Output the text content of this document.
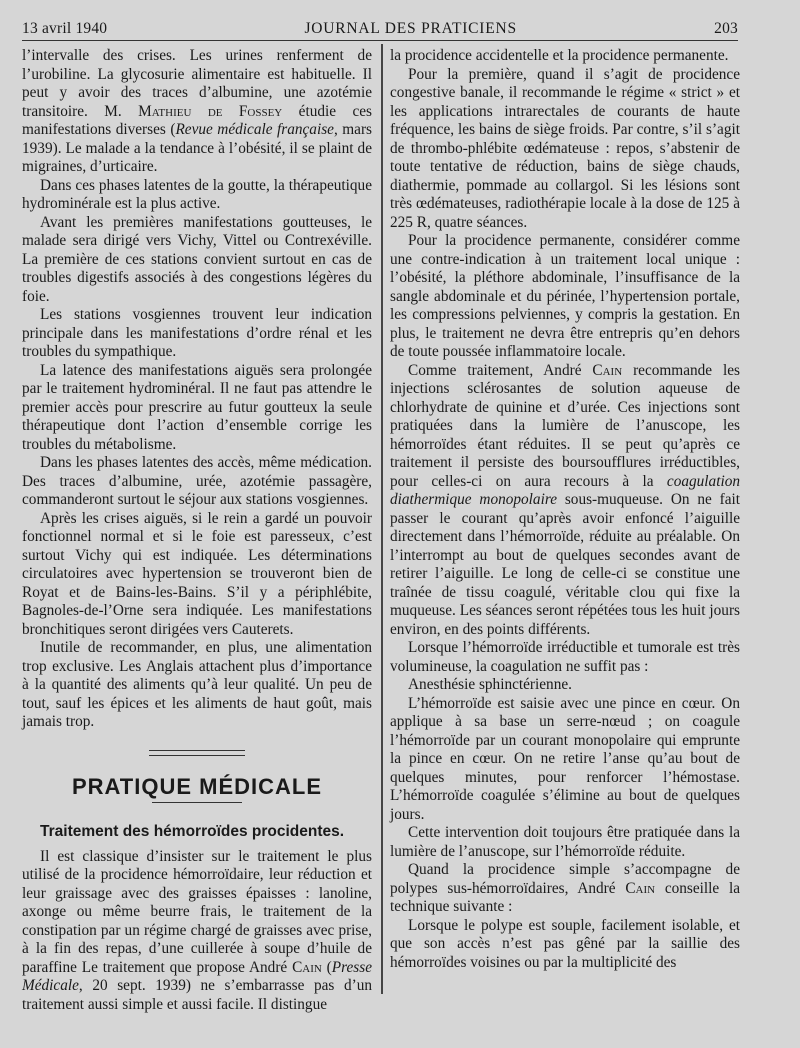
13 avril 1940	JOURNAL DES PRATICIENS	203

l’intervalle des crises. Les urines renferment de l’urobiline. La glycosurie alimentaire est habituelle. Il peut y avoir des traces d’albumine, une azotémie transitoire. M. Mathieu de Fossey étudie ces manifestations diverses (Revue médicale française, mars 1939). Le malade a la tendance à l’obésité, il se plaint de migraines, d’urticaire.

Dans ces phases latentes de la goutte, la thérapeutique hydrominérale est la plus active.

Avant les premières manifestations goutteuses, le malade sera dirigé vers Vichy, Vittel ou Contrexéville. La première de ces stations convient surtout en cas de troubles digestifs associés à des congestions légères du foie.

Les stations vosgiennes trouvent leur indication principale dans les manifestations d’ordre rénal et les troubles du sympathique.

La latence des manifestations aiguës sera prolongée par le traitement hydrominéral. Il ne faut pas attendre le premier accès pour prescrire au futur goutteux la seule thérapeutique dont l’action d’ensemble corrige les troubles du métabolisme.

Dans les phases latentes des accès, même médication. Des traces d’albumine, urée, azotémie passagère, commanderont surtout le séjour aux stations vosgiennes.

Après les crises aiguës, si le rein a gardé un pouvoir fonctionnel normal et si le foie est paresseux, c’est surtout Vichy qui est indiquée. Les déterminations circulatoires avec hypertension se trouveront bien de Royat et de Bains-les-Bains. S’il y a périphlébite, Bagnoles-de-l’Orne sera indiquée. Les manifestations bronchitiques seront dirigées vers Cauterets.

Inutile de recommander, en plus, une alimentation trop exclusive. Les Anglais attachent plus d’importance à la quantité des aliments qu’à leur qualité. Un peu de tout, sauf les épices et les aliments de haut goût, mais jamais trop.

PRATIQUE MÉDICALE
Traitement des hémorroïdes procidentes.

Il est classique d’insister sur le traitement le plus utilisé de la procidence hémorroïdaire, leur réduction et leur graissage avec des graisses épaisses : lanoline, axonge ou même beurre frais, le traitement de la constipation par un régime chargé de graisses avec prise, à la fin des repas, d’une cuillerée à soupe d’huile de paraffine Le traitement que propose André Cain (Presse Médicale, 20 sept. 1939) ne s’embarrasse pas d’un traitement aussi simple et aussi facile. Il distingue

la procidence accidentelle et la procidence permanente.

Pour la première, quand il s’agit de procidence congestive banale, il recommande le régime « strict » et les applications intrarectales de courants de haute fréquence, les bains de siège froids. Par contre, s’il s’agit de thrombo-phlébite œdémateuse : repos, s’abstenir de toute tentative de réduction, bains de siège chauds, diathermie, pommade au collargol. Si les lésions sont très œdémateuses, radiothérapie locale à la dose de 125 à 225 R, quatre séances.

Pour la procidence permanente, considérer comme une contre-indication à un traitement local unique : l’obésité, la pléthore abdominale, l’insuffisance de la sangle abdominale et du périnée, l’hypertension portale, les compressions pelviennes, y compris la gestation. En plus, le traitement ne devra être entrepris qu’en dehors de toute poussée inflammatoire locale.

Comme traitement, André Cain recommande les injections sclérosantes de solution aqueuse de chlorhydrate de quinine et d’urée. Ces injections sont pratiquées dans la lumière de l’anuscope, les hémorroïdes étant réduites. Il se peut qu’après ce traitement il persiste des boursoufflures irréductibles, pour celles-ci on aura recours à la coagulation diathermique monopolaire sous-muqueuse. On ne fait passer le courant qu’après avoir enfoncé l’aiguille directement dans l’hémorroïde, réduite au préalable. On l’interrompt au bout de quelques secondes avant de retirer l’aiguille. Le long de celle-ci se constitue une traînée de tissu coagulé, véritable clou qui fixe la muqueuse. Les séances seront répétées tous les huit jours environ, en des points différents.

Lorsque l’hémorroïde irréductible et tumorale est très volumineuse, la coagulation ne suffit pas :

Anesthésie sphinctérienne.

L’hémorroïde est saisie avec une pince en cœur. On applique à sa base un serre-nœud ; on coagule l’hémorroïde par un courant monopolaire qui emprunte la pince en cœur. On ne retire l’anse qu’au bout de quelques minutes, pour renforcer l’hémostase. L’hémorroïde coagulée s’élimine au bout de quelques jours.

Cette intervention doit toujours être pratiquée dans la lumière de l’anuscope, sur l’hémorroïde réduite.

Quand la procidence simple s’accompagne de polypes sus-hémorroïdaires, André Cain conseille la technique suivante :

Lorsque le polype est souple, facilement isolable, et que son accès n’est pas gêné par la saillie des hémorroïdes voisines ou par la multiplicité des
